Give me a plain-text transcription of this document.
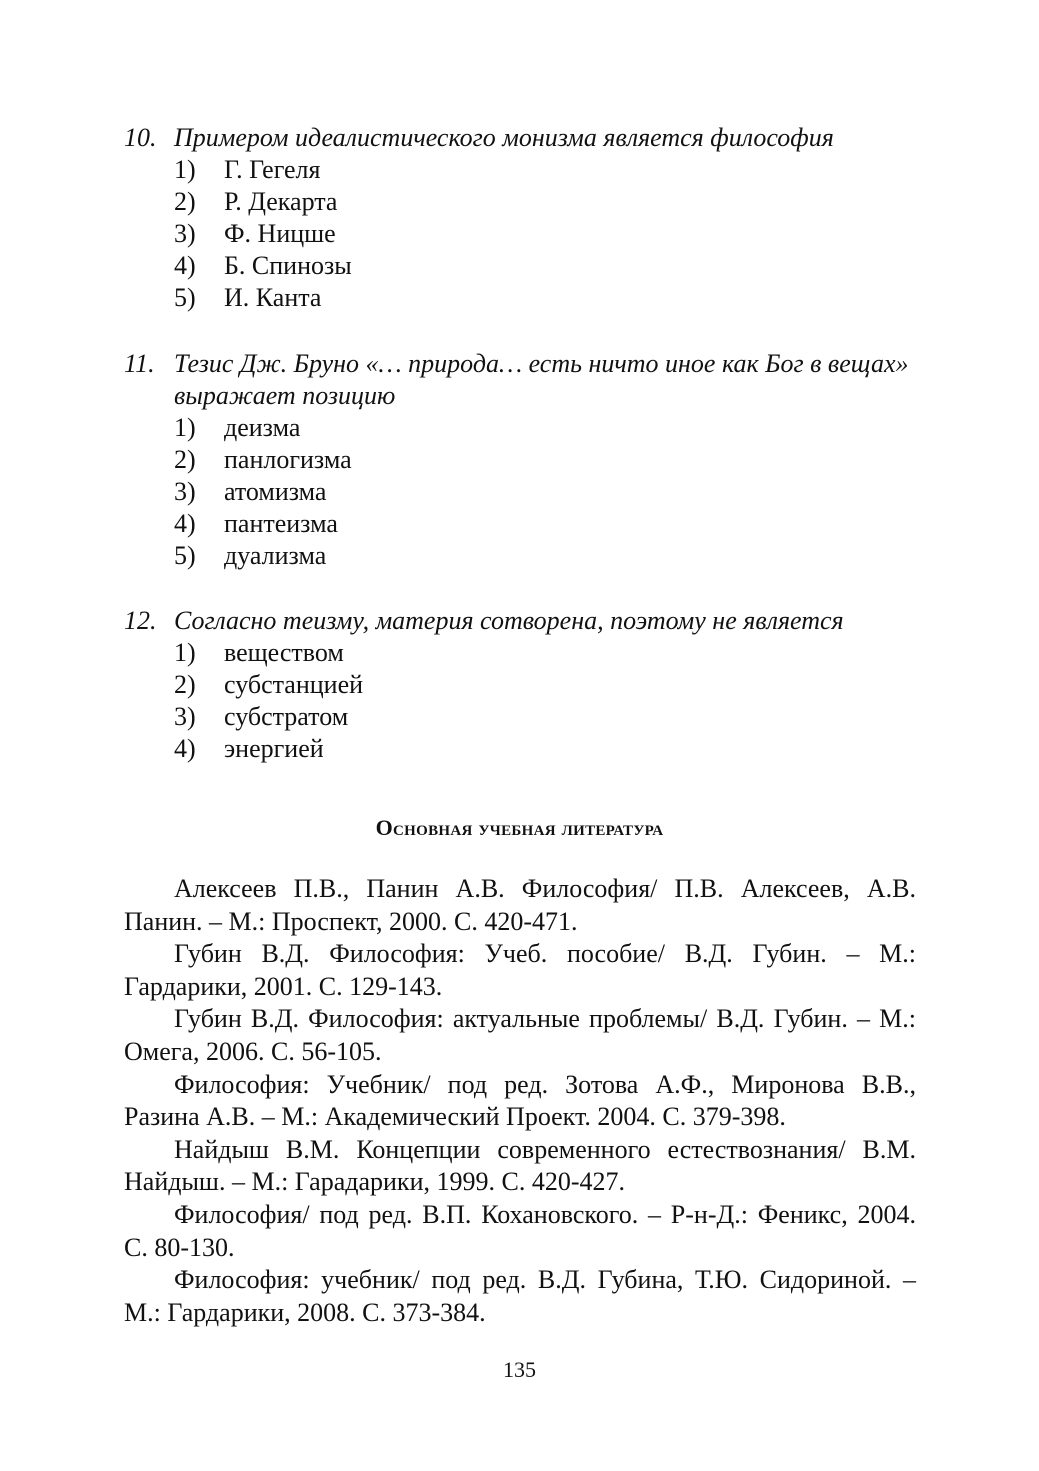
10. Примером идеалистического монизма является философия

1) Г. Гегеля
2) Р. Декарта
3) Ф. Ницше
4) Б. Спинозы
5) И. Канта

11. Тезис Дж. Бруно «… природа… есть ничто иное как Бог в вещах» выражает позицию

1) деизма
2) панлогизма
3) атомизма
4) пантеизма
5) дуализма

12. Согласно теизму, материя сотворена, поэтому не является

1) веществом
2) субстанцией
3) субстратом
4) энергией
Основная учебная литература

Алексеев П.В., Панин А.В. Философия/ П.В. Алексеев, А.В. Панин. – М.: Проспект, 2000. С. 420-471.

Губин В.Д. Философия: Учеб. пособие/ В.Д. Губин. – М.: Гардарики, 2001. С. 129-143.

Губин В.Д. Философия: актуальные проблемы/ В.Д. Губин. – М.: Омега, 2006. С. 56-105.

Философия: Учебник/ под ред. Зотова А.Ф., Миронова В.В., Разина А.В. – М.: Академический Проект. 2004. С. 379-398.

Найдыш В.М. Концепции современного естествознания/ В.М. Найдыш. – М.: Гарадарики, 1999. С. 420-427.

Философия/ под ред. В.П. Кохановского. – Р-н-Д.: Феникс, 2004. С. 80-130.

Философия: учебник/ под ред. В.Д. Губина, Т.Ю. Сидориной. – М.: Гардарики, 2008. С. 373-384.

135
